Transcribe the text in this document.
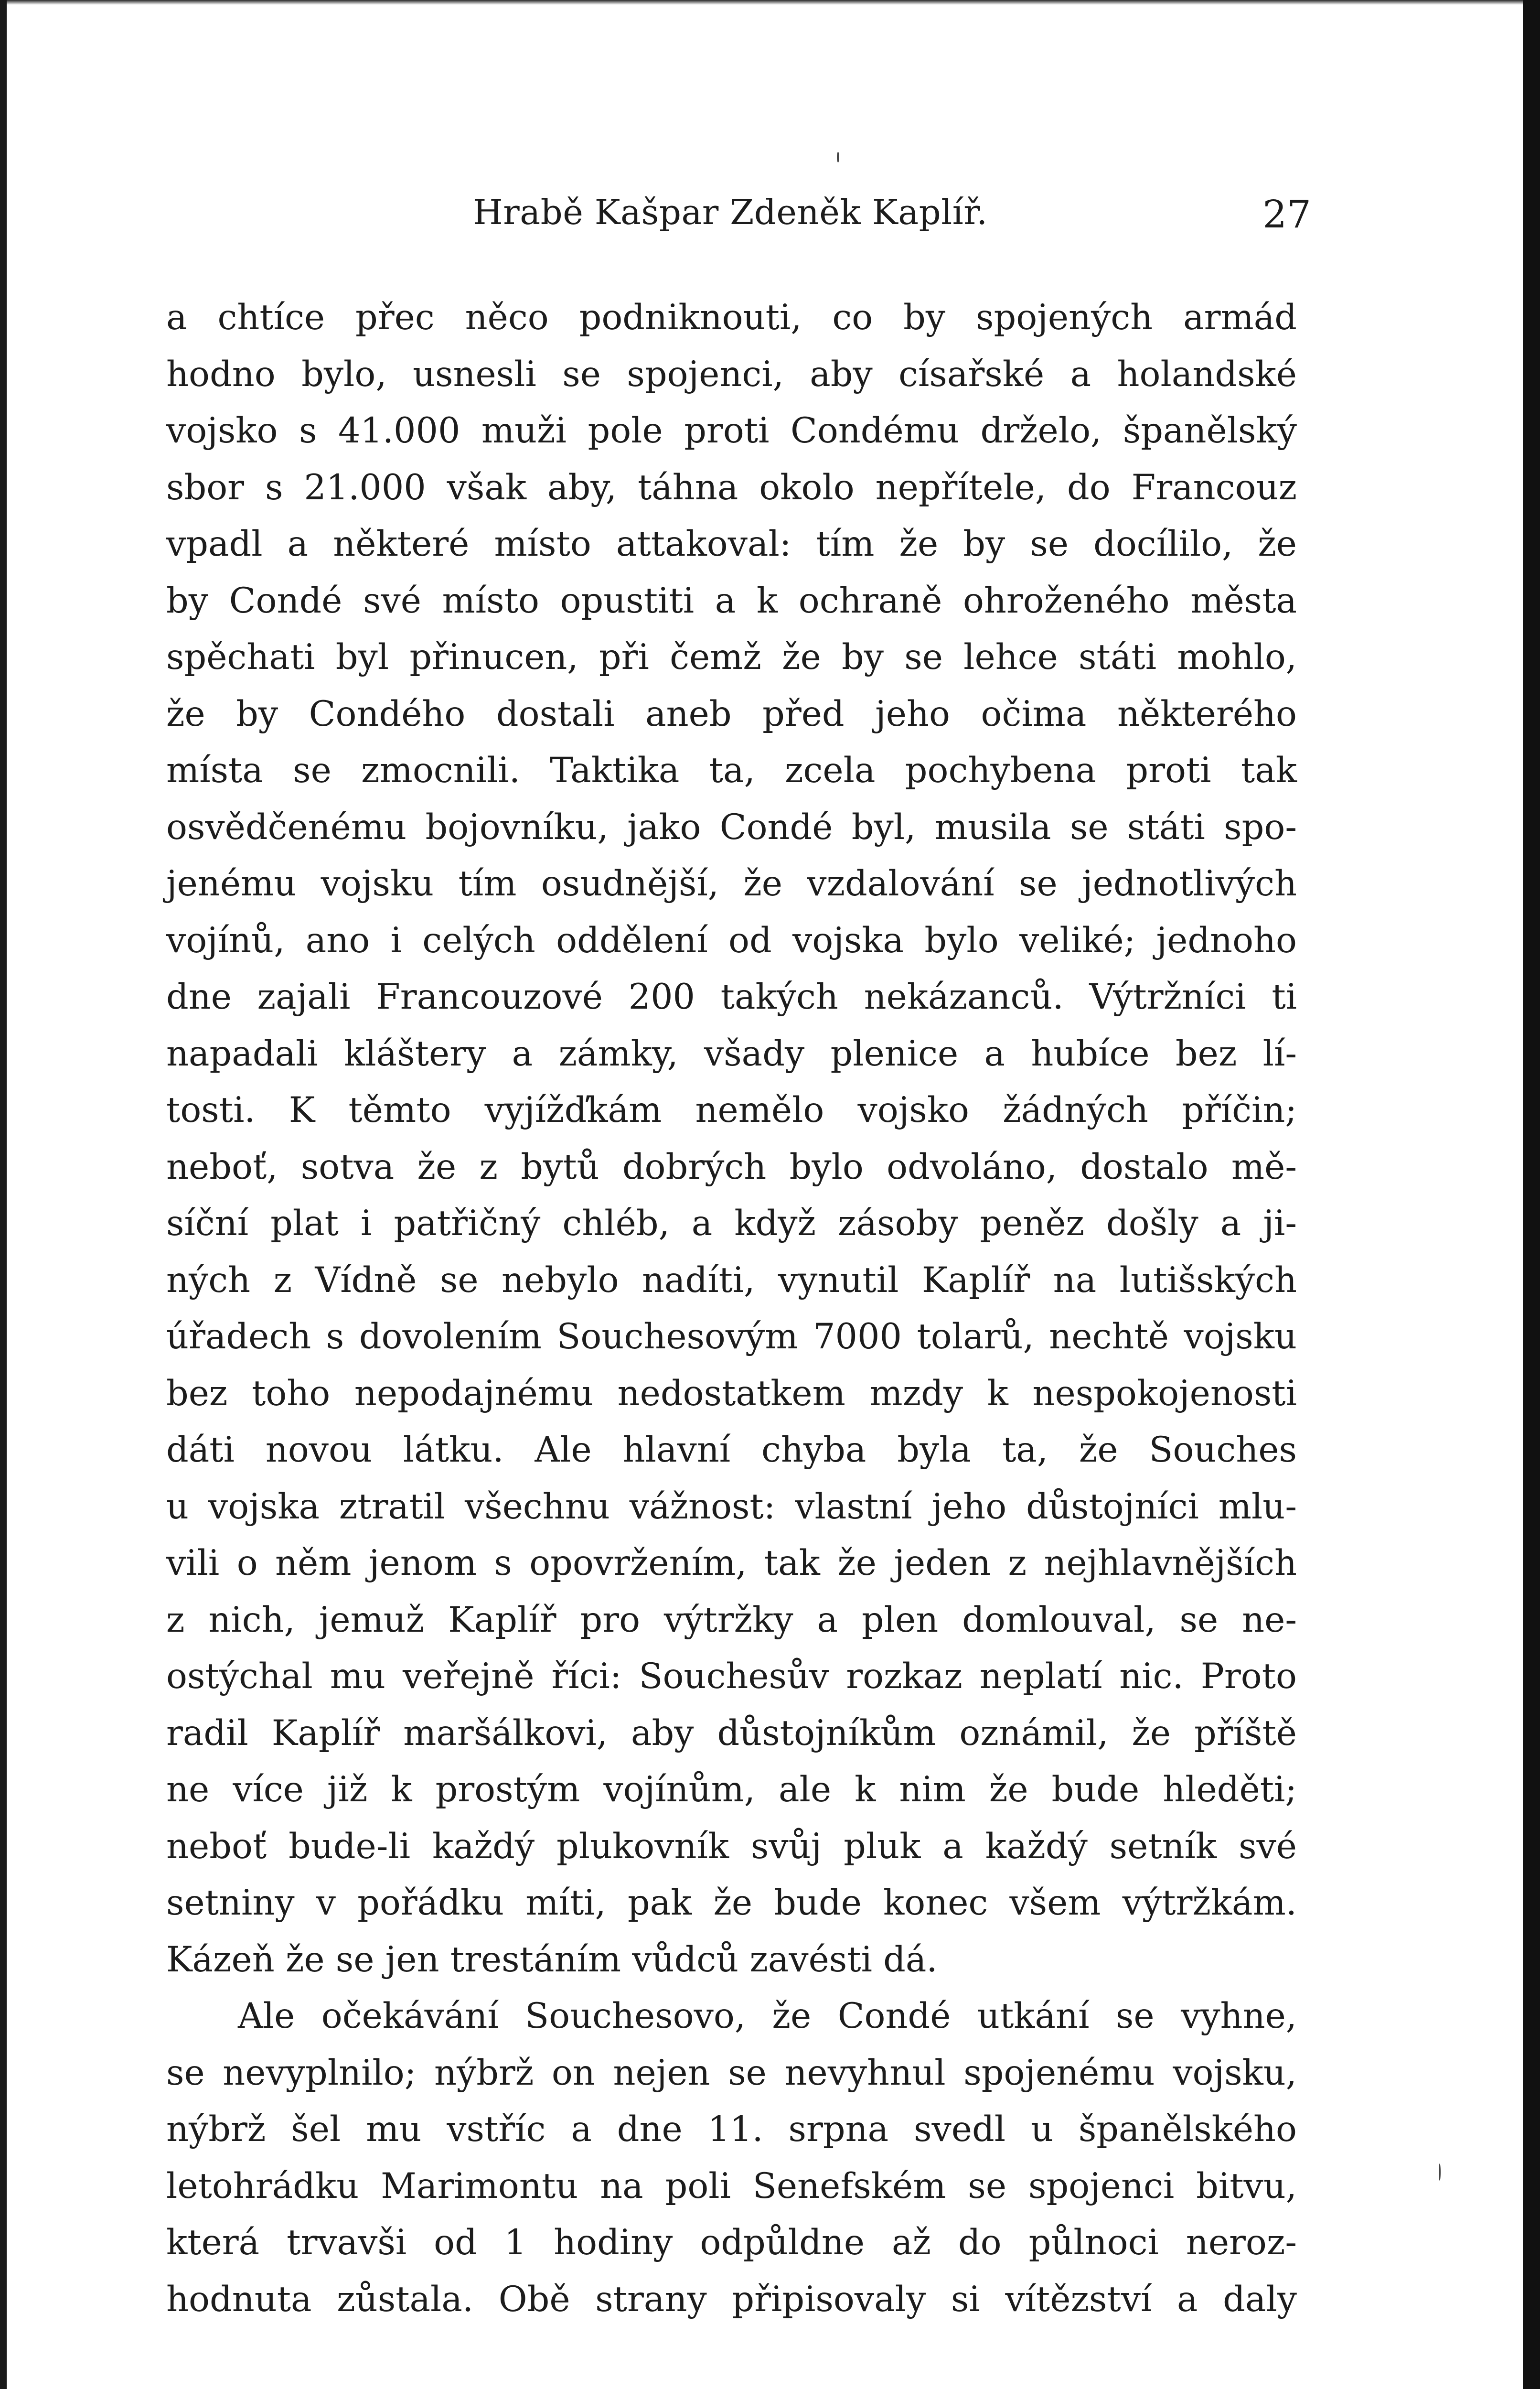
Hrabě Kašpar Zdeněk Kaplíř.	27
a chtíce přec něco podniknouti, co by spojených armád
hodno bylo, usnesli se spojenci, aby císařské a holandské
vojsko s 41.000 muži pole proti Condému drželo, španělský
sbor s 21.000 však aby, táhna okolo nepřítele, do Francouz
vpadl a některé místo attakoval: tím že by se docílilo, že
by Condé své místo opustiti a k ochraně ohroženého města
spěchati byl přinucen, při čemž že by se lehce státi mohlo,
že by Condého dostali aneb před jeho očima některého
místa se zmocnili. Taktika ta, zcela pochybena proti tak
osvědčenému bojovníku, jako Condé byl, musila se státi spo-
jenému vojsku tím osudnější, že vzdalování se jednotlivých
vojínů, ano i celých oddělení od vojska bylo veliké; jednoho
dne zajali Francouzové 200 takých nekázanců. Výtržníci ti
napadali kláštery a zámky, všady plenice a hubíce bez lí-
tosti. K těmto vyjížďkám nemělo vojsko žádných příčin;
neboť, sotva že z bytů dobrých bylo odvoláno, dostalo mě-
síční plat i patřičný chléb, a když zásoby peněz došly a ji-
ných z Vídně se nebylo nadíti, vynutil Kaplíř na lutišských
úřadech s dovolením Souchesovým 7000 tolarů, nechtě vojsku
bez toho nepodajnému nedostatkem mzdy k nespokojenosti
dáti novou látku. Ale hlavní chyba byla ta, že Souches
u vojska ztratil všechnu vážnost: vlastní jeho důstojníci mlu-
vili o něm jenom s opovržením, tak že jeden z nejhlavnějších
z nich, jemuž Kaplíř pro výtržky a plen domlouval, se ne-
ostýchal mu veřejně říci: Souchesův rozkaz neplatí nic. Proto
radil Kaplíř maršálkovi, aby důstojníkům oznámil, že příště
ne více již k prostým vojínům, ale k nim že bude hleděti;
neboť bude-li každý plukovník svůj pluk a každý setník své
setniny v pořádku míti, pak že bude konec všem výtržkám.
Kázeň že se jen trestáním vůdců zavésti dá.
Ale očekávání Souchesovo, že Condé utkání se vyhne,
se nevyplnilo; nýbrž on nejen se nevyhnul spojenému vojsku,
nýbrž šel mu vstříc a dne 11. srpna svedl u španělského
letohrádku Marimontu na poli Senefském se spojenci bitvu,
která trvavši od 1 hodiny odpůldne až do půlnoci neroz-
hodnuta zůstala. Obě strany připisovaly si vítězství a daly
